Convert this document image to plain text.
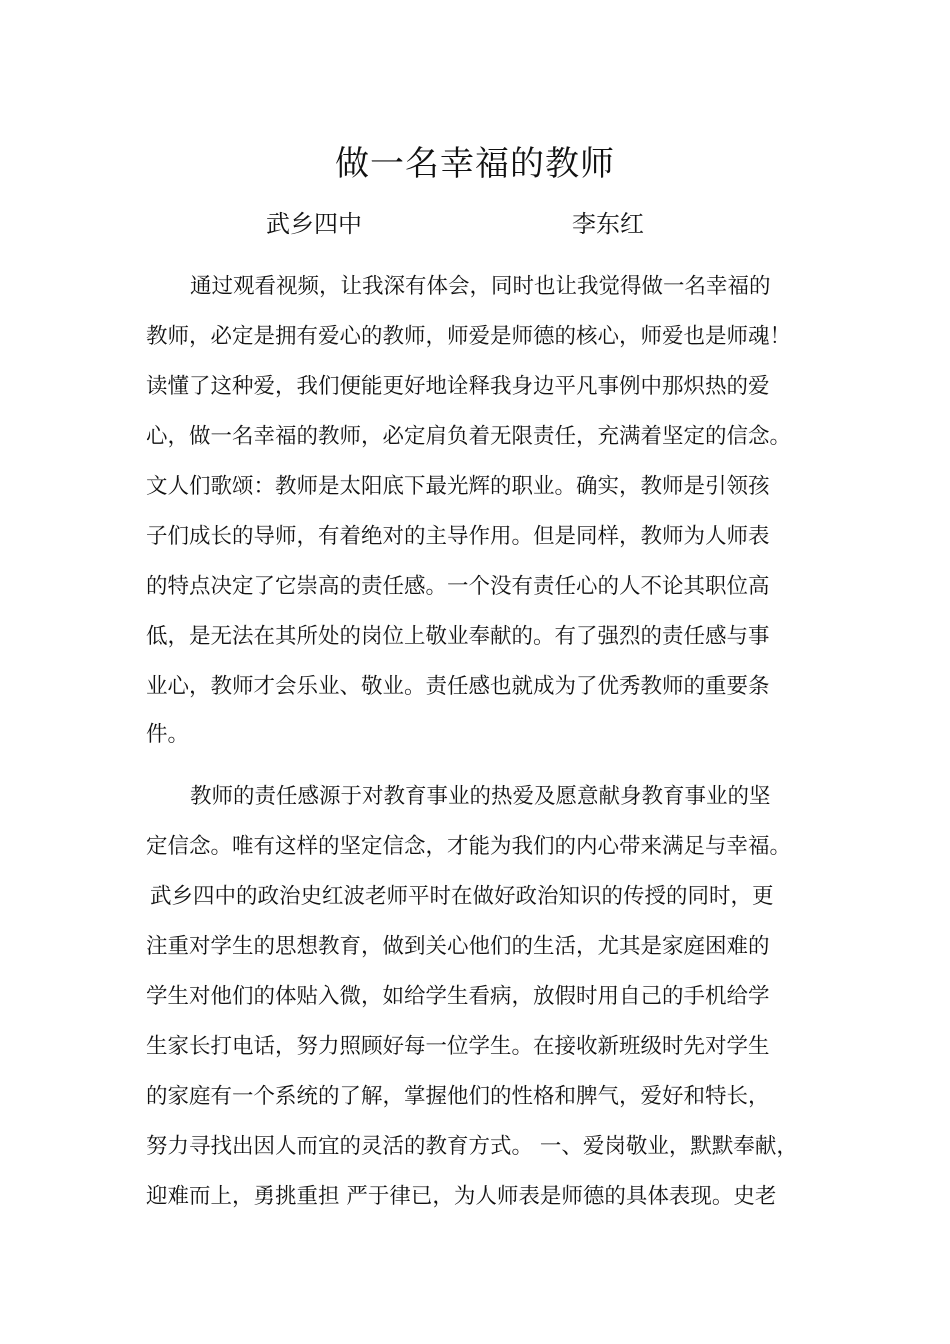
做一名幸福的教师
武乡四中	李东红
通过观看视频，让我深有体会，同时也让我觉得做一名幸福的
教师，必定是拥有爱心的教师，师爱是师德的核心，师爱也是师魂！
读懂了这种爱，我们便能更好地诠释我身边平凡事例中那炽热的爱
心，做一名幸福的教师，必定肩负着无限责任，充满着坚定的信念。
文人们歌颂：教师是太阳底下最光辉的职业。确实，教师是引领孩
子们成长的导师，有着绝对的主导作用。但是同样，教师为人师表
的特点决定了它崇高的责任感。一个没有责任心的人不论其职位高
低，是无法在其所处的岗位上敬业奉献的。有了强烈的责任感与事
业心，教师才会乐业、敬业。责任感也就成为了优秀教师的重要条
件。
教师的责任感源于对教育事业的热爱及愿意献身教育事业的坚
定信念。唯有这样的坚定信念，才能为我们的内心带来满足与幸福。
武乡四中的政治史红波老师平时在做好政治知识的传授的同时，更
注重对学生的思想教育，做到关心他们的生活，尤其是家庭困难的
学生对他们的体贴入微，如给学生看病，放假时用自己的手机给学
生家长打电话，努力照顾好每一位学生。在接收新班级时先对学生
的家庭有一个系统的了解，掌握他们的性格和脾气，爱好和特长，
努力寻找出因人而宜的灵活的教育方式。 一、爱岗敬业，默默奉献，
迎难而上，勇挑重担 严于律已，为人师表是师德的具体表现。史老
